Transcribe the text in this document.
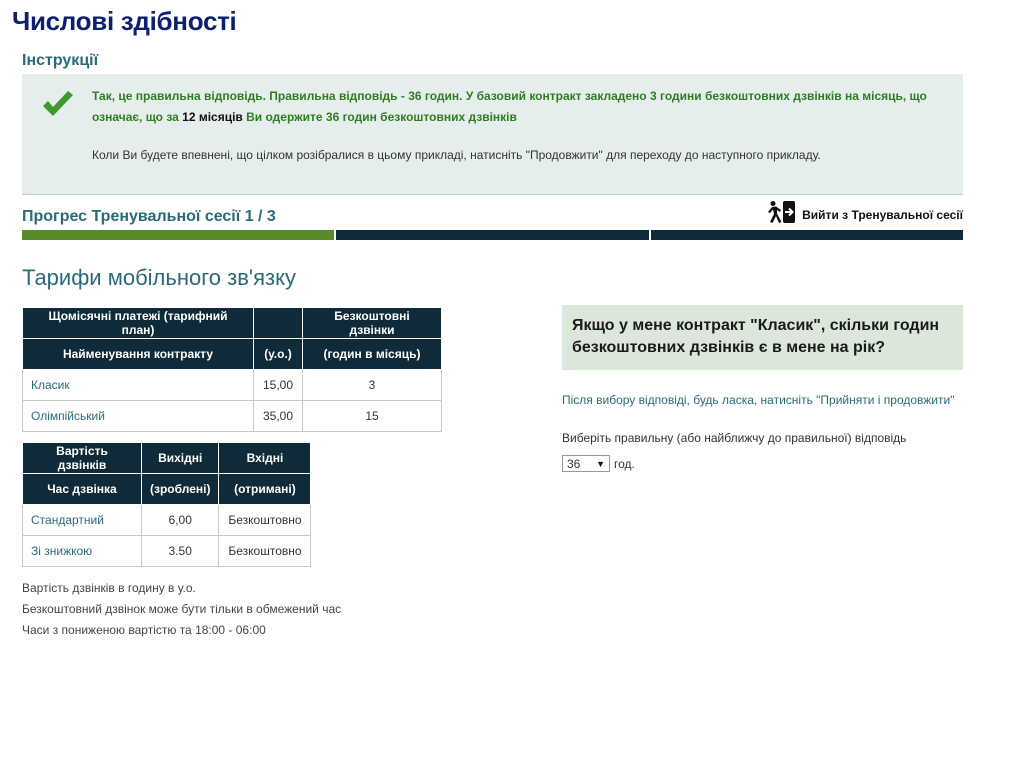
Числові здібності
Інструкції
Так, це правильна відповідь. Правильна відповідь - 36 годин. У базовий контракт закладено 3 години безкоштовних дзвінків на місяць, що означає, що за 12 місяців Ви одержите 36 годин безкоштовних дзвінків
Коли Ви будете впевнені, що цілком розібралися в цьому прикладі, натисніть "Продовжити" для переходу до наступного прикладу.
Прогрес Тренувальної сесії 1 / 3	Вийти з Тренувальної сесії
Тарифи мобільного зв'язку
Щомісячні платежі (тарифний план)		Безкоштовні дзвінки
Найменування контракту	(у.о.)	(годин в місяць)
Класик	15,00	3
Олімпійський	35,00	15
Вартість дзвінків	Вихідні	Вхідні
Час дзвінка	(зроблені)	(отримані)
Стандартний	6,00	Безкоштовно
Зі знижкою	3.50	Безкоштовно
Вартість дзвінків в годину в у.о.
Безкоштовний дзвінок може бути тільки в обмежений час
Часи з пониженою вартістю та 18:00 - 06:00
Якщо у мене контракт "Класик", скільки годин безкоштовних дзвінків є в мене на рік?
Після вибору відповіді, будь ласка, натисніть "Прийняти і продовжити"
Виберіть правильну (або найближчу до правильної) відповідь
36 ▼ год.
